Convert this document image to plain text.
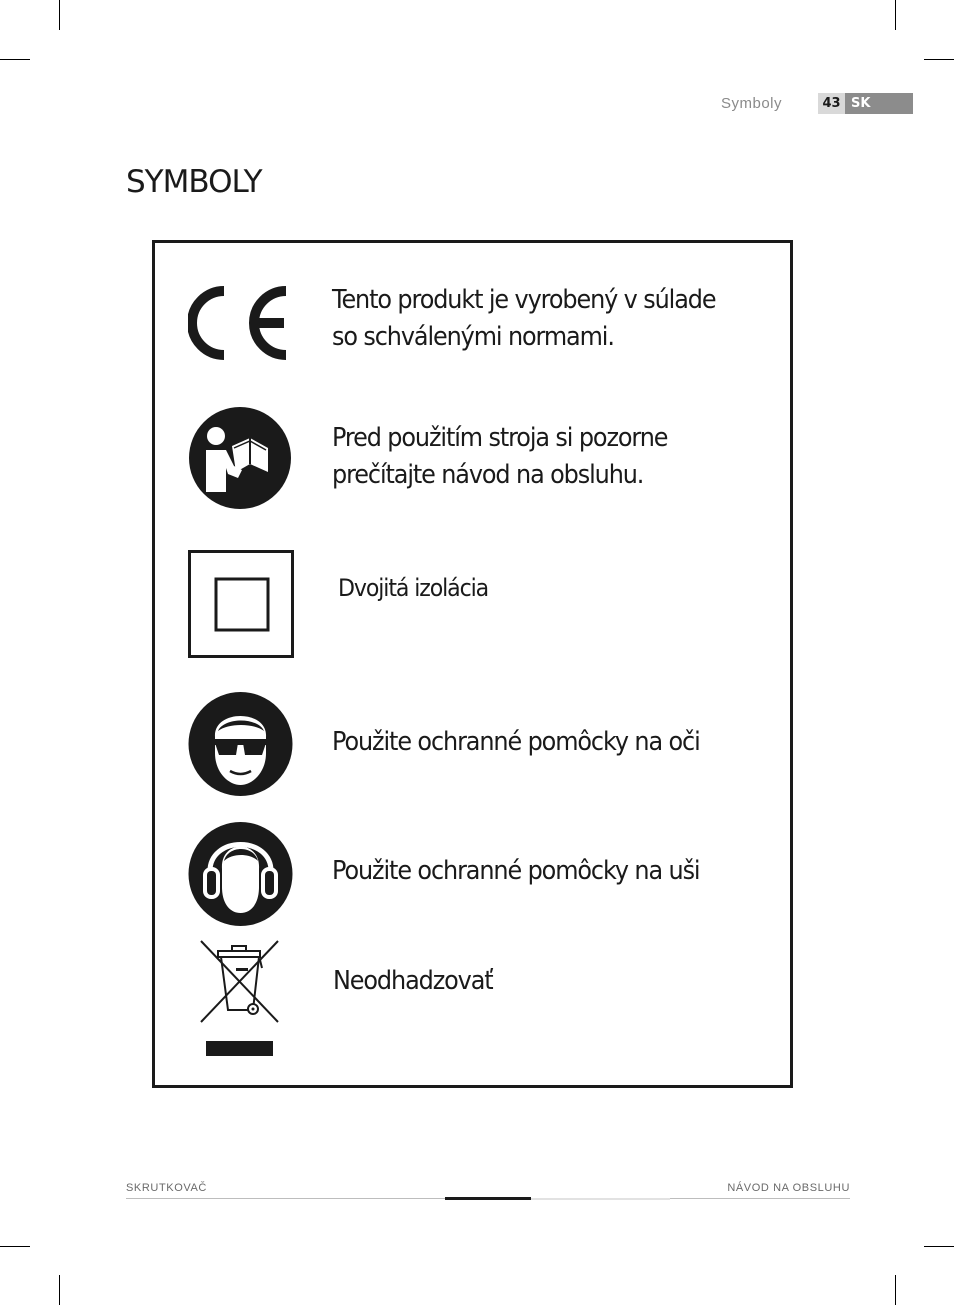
Symboly	43 SK
SYMBOLY
Tento produkt je vyrobený v súlade
so schválenými normami.
Pred použitím stroja si pozorne
prečítajte návod na obsluhu.
Dvojitá izolácia
Použite ochranné pomôcky na oči
Použite ochranné pomôcky na uši
Neodhadzovať
SKRUTKOVAČ	NÁVOD NA OBSLUHU
